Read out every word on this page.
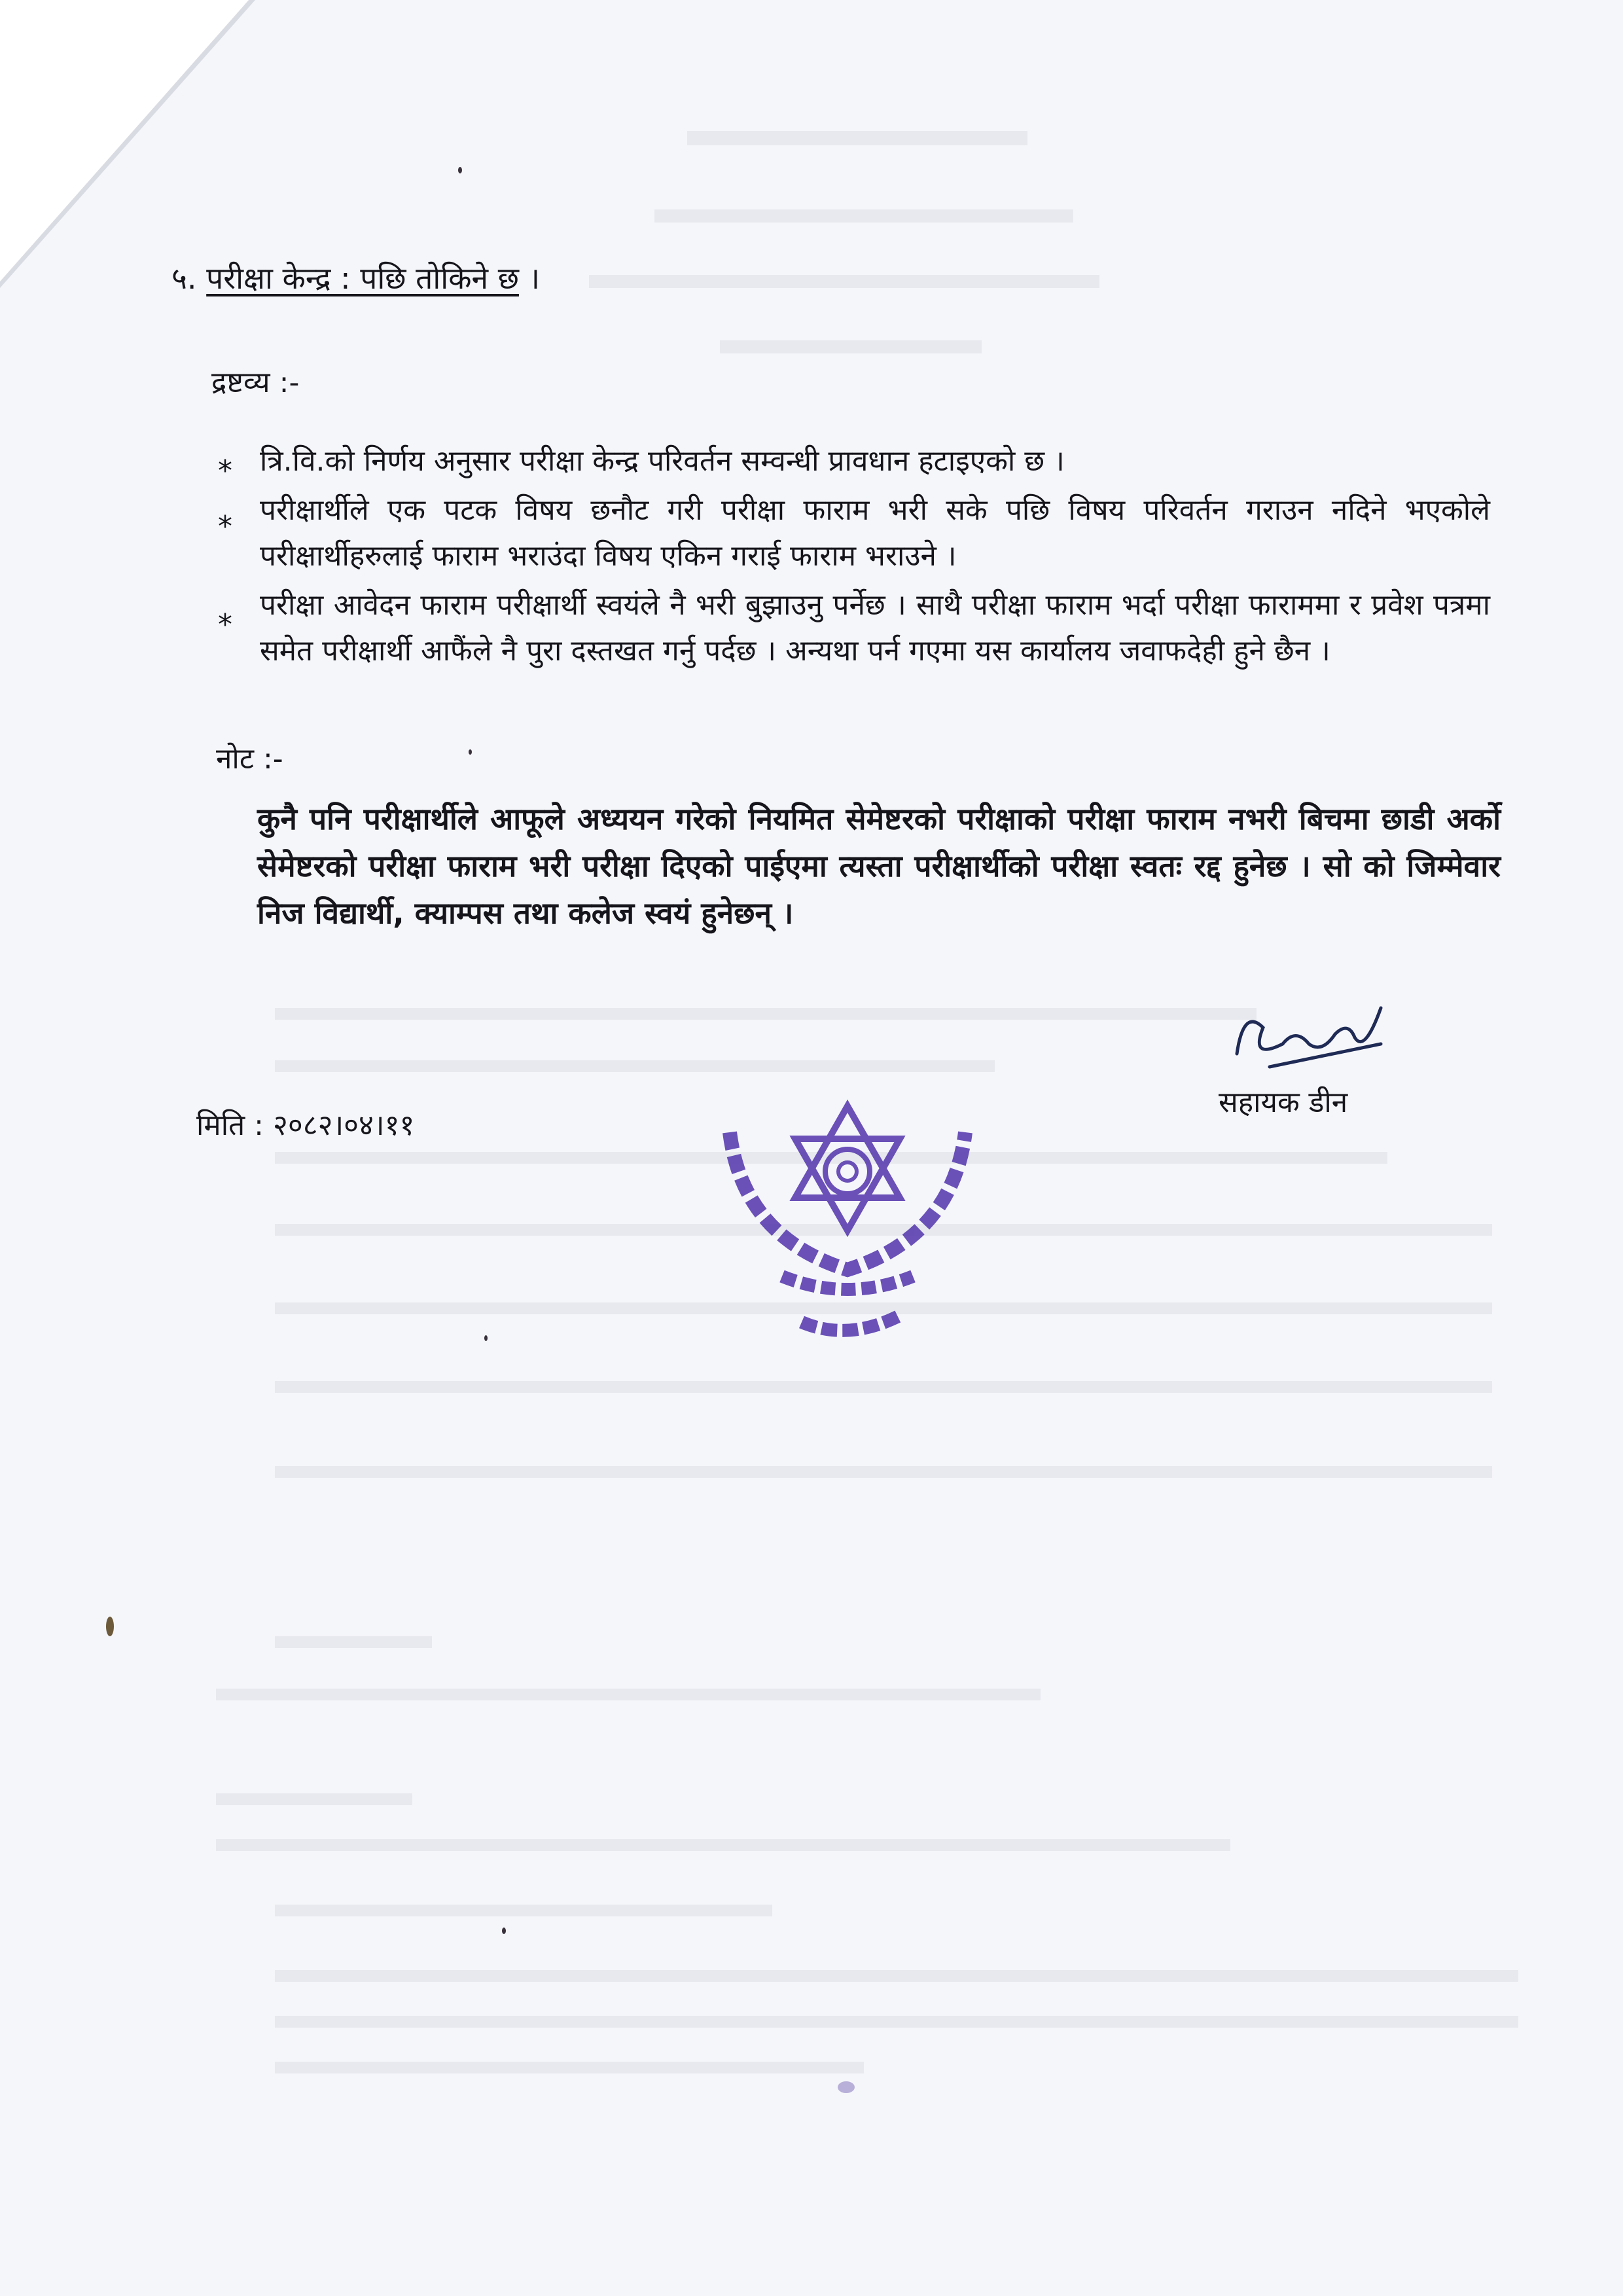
५. परीक्षा केन्द्र : पछि तोकिने छ ।
द्रष्टव्य :-
* त्रि.वि.को निर्णय अनुसार परीक्षा केन्द्र परिवर्तन सम्वन्धी प्रावधान हटाइएको छ ।
* परीक्षार्थीले एक पटक विषय छनौट गरी परीक्षा फाराम भरी सके पछि विषय परिवर्तन गराउन नदिने भएकोले परीक्षार्थीहरुलाई फाराम भराउंदा विषय एकिन गराई फाराम भराउने ।
*
परीक्षा आवेदन फाराम परीक्षार्थी स्वयंले नै भरी बुझाउनु पर्नेछ । साथै परीक्षा फाराम भर्दा परीक्षा फाराममा र प्रवेश पत्रमा समेत परीक्षार्थी आफैंले नै पुरा दस्तखत गर्नु पर्दछ । अन्यथा पर्न गएमा यस कार्यालय जवाफदेही हुने छैन ।
नोट :-
कुनै पनि परीक्षार्थीले आफूले अध्ययन गरेको नियमित सेमेष्टरको परीक्षाको परीक्षा फाराम नभरी बिचमा छाडी अर्को सेमेष्टरको परीक्षा फाराम भरी परीक्षा दिएको पाईएमा त्यस्ता परीक्षार्थीको परीक्षा स्वतः रद्द हुनेछ । सो को जिम्मेवार निज विद्यार्थी, क्याम्पस तथा कलेज स्वयं हुनेछन् ।
मिति : २०८२।०४।११
सहायक डीन
